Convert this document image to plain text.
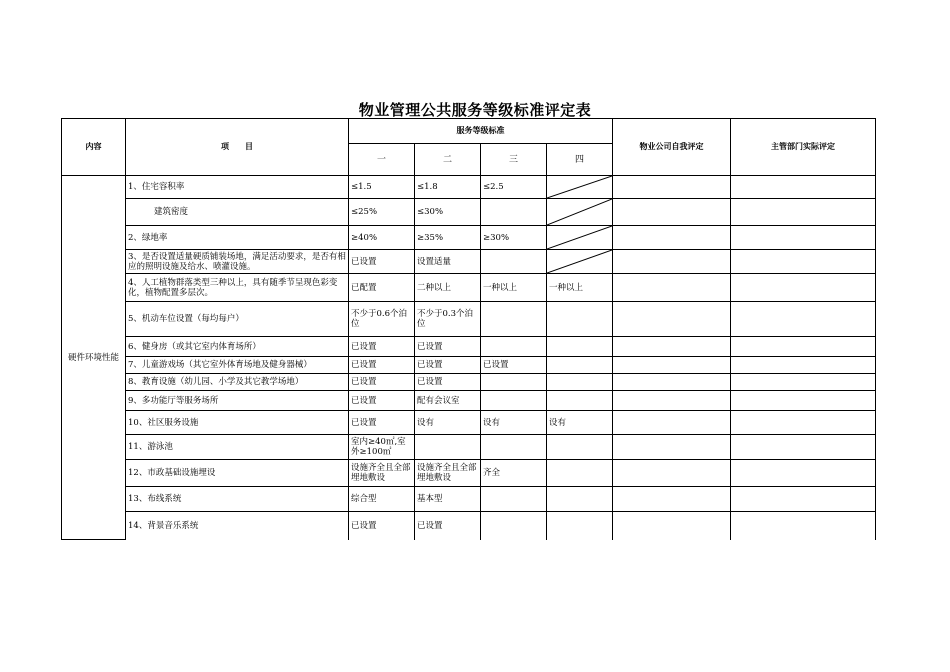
物业管理公共服务等级标准评定表
内容	项　　目	服务等级标准				物业公司自我评定	主管部门实际评定
		一	二	三	四		
硬件环境性能	1、住宅容积率	≤1.5	≤1.8	≤2.5	

	建筑密度	≤25%	≤30%		

	2、绿地率	≥40%	≥35%	≥30%	

	3、是否设置适量硬质铺装场地，满足活动要求，是否有相应的照明设施及给水、喷灌设施。	已设置	设置适量		

	4、人工植物群落类型三种以上，具有随季节呈现色彩变化，植物配置多层次。	已配置	二种以上	一种以上	一种以上		
	5、机动车位设置（每均每户）	不少于0.6个泊位	不少于0.3个泊位				
	6、健身房（或其它室内体育场所）	已设置	已设置				
	7、儿童游戏场（其它室外体育场地及健身器械）	已设置	已设置	已设置			
	8、教育设施（幼儿园、小学及其它教学场地）	已设置	已设置				
	9、多功能厅等服务场所	已设置	配有会议室				
	10、社区服务设施	已设置	设有	设有	设有		
	11、游泳池	室内≥40㎡,室外≥100㎡					
	12、市政基础设施埋设	设施齐全且全部埋地敷设	设施齐全且全部埋地敷设	齐全			
	13、布线系统	综合型	基本型				
	14、背景音乐系统	已设置	已设置				
